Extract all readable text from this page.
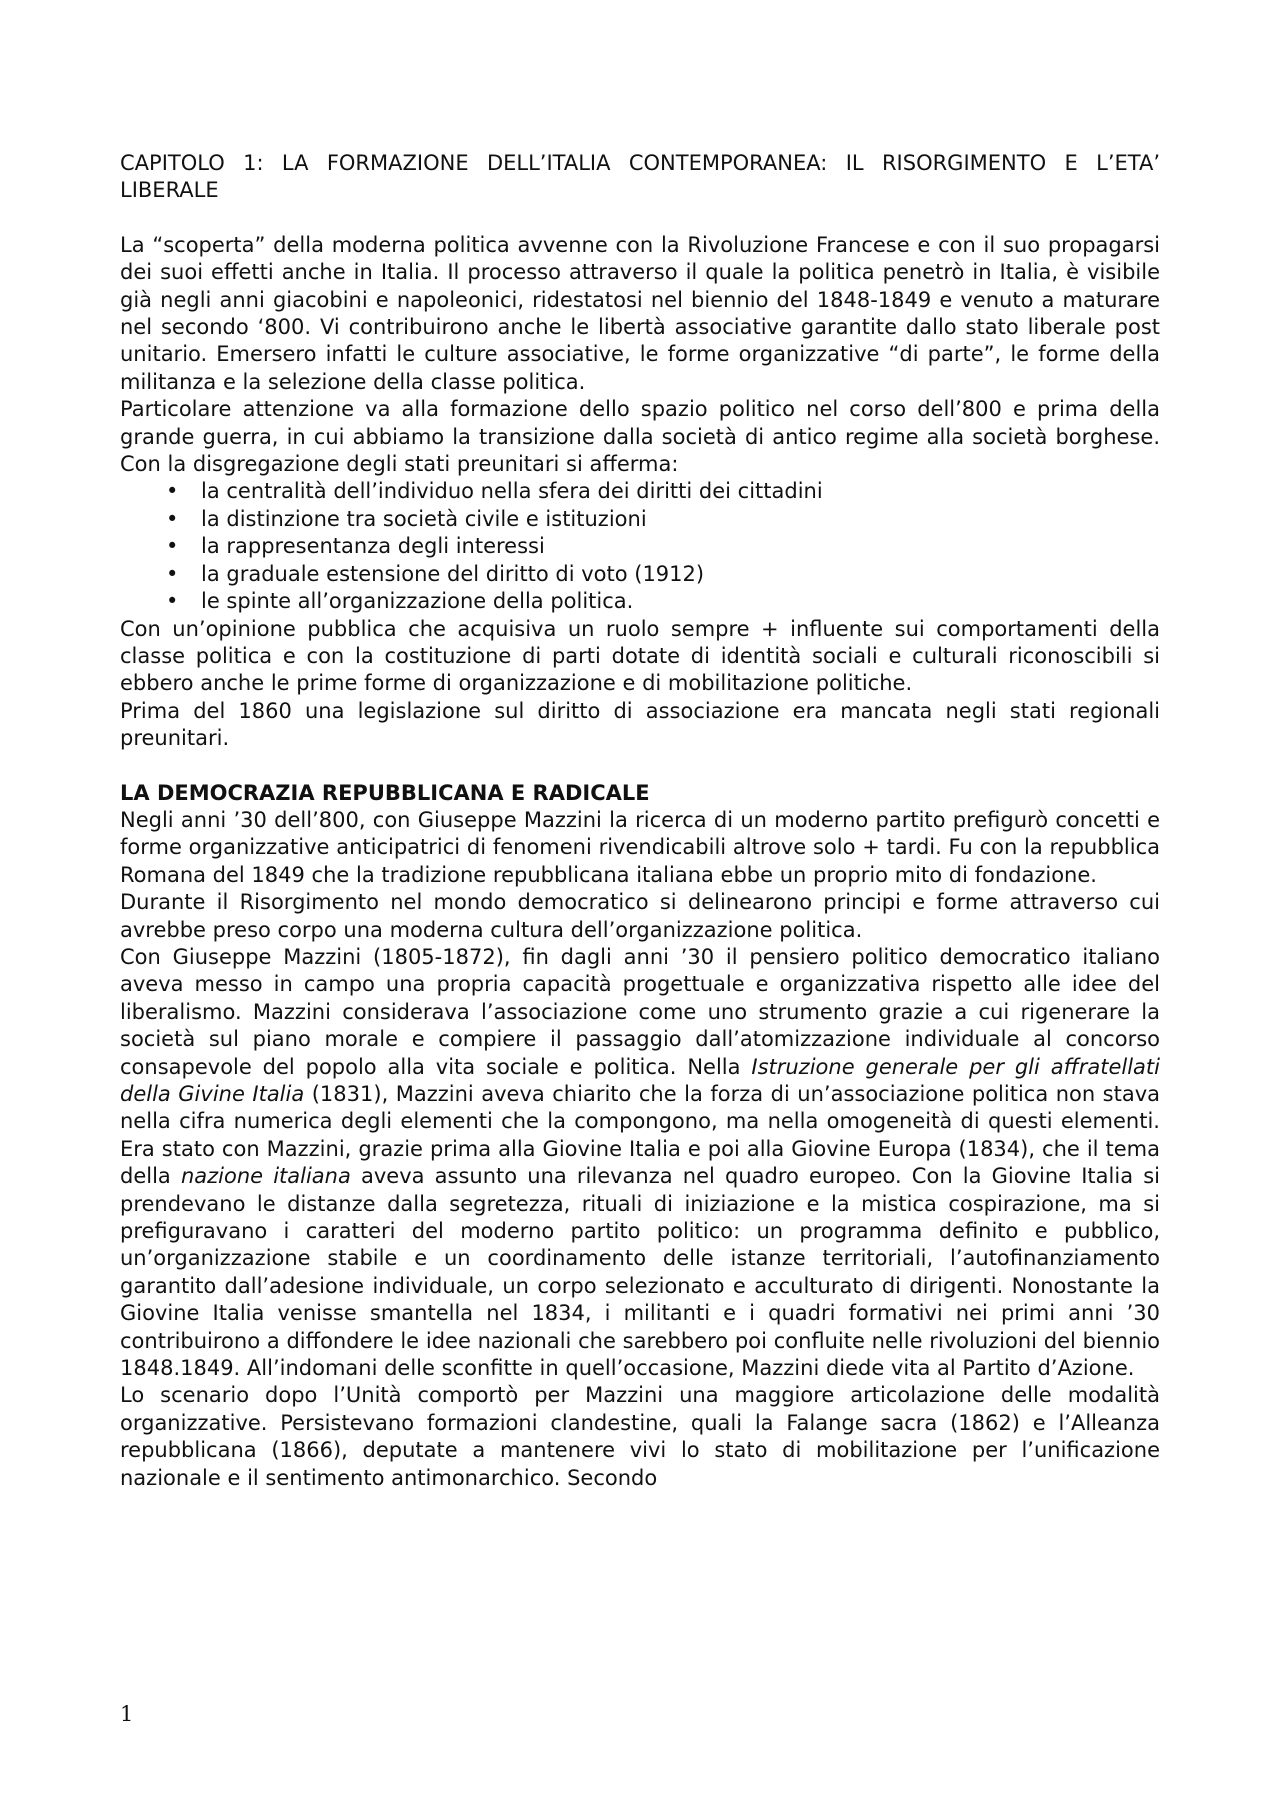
CAPITOLO 1: LA FORMAZIONE DELL’ITALIA CONTEMPORANEA: IL RISORGIMENTO E L’ETA’ LIBERALE

La “scoperta” della moderna politica avvenne con la Rivoluzione Francese e con il suo propagarsi dei suoi effetti anche in Italia. Il processo attraverso il quale la politica penetrò in Italia, è visibile già negli anni giacobini e napoleonici, ridestatosi nel biennio del 1848-1849 e venuto a maturare nel secondo ‘800. Vi contribuirono anche le libertà associative garantite dallo stato liberale post unitario. Emersero infatti le culture associative, le forme organizzative “di parte”, le forme della militanza e la selezione della classe politica.

Particolare attenzione va alla formazione dello spazio politico nel corso dell’800 e prima della grande guerra, in cui abbiamo la transizione dalla società di antico regime alla società borghese. Con la disgregazione degli stati preunitari si afferma:

• la centralità dell’individuo nella sfera dei diritti dei cittadini
• la distinzione tra società civile e istituzioni
• la rappresentanza degli interessi
• la graduale estensione del diritto di voto (1912)
• le spinte all’organizzazione della politica.

Con un’opinione pubblica che acquisiva un ruolo sempre + influente sui comportamenti della classe politica e con la costituzione di parti dotate di identità sociali e culturali riconoscibili si ebbero anche le prime forme di organizzazione e di mobilitazione politiche.

Prima del 1860 una legislazione sul diritto di associazione era mancata negli stati regionali preunitari.

LA DEMOCRAZIA REPUBBLICANA E RADICALE

Negli anni ’30 dell’800, con Giuseppe Mazzini la ricerca di un moderno partito prefigurò concetti e forme organizzative anticipatrici di fenomeni rivendicabili altrove solo + tardi. Fu con la repubblica Romana del 1849 che la tradizione repubblicana italiana ebbe un proprio mito di fondazione.

Durante il Risorgimento nel mondo democratico si delinearono principi e forme attraverso cui avrebbe preso corpo una moderna cultura dell’organizzazione politica.

Con Giuseppe Mazzini (1805-1872), fin dagli anni ’30 il pensiero politico democratico italiano aveva messo in campo una propria capacità progettuale e organizzativa rispetto alle idee del liberalismo. Mazzini considerava l’associazione come uno strumento grazie a cui rigenerare la società sul piano morale e compiere il passaggio dall’atomizzazione individuale al concorso consapevole del popolo alla vita sociale e politica. Nella Istruzione generale per gli affratellati della Givine Italia (1831), Mazzini aveva chiarito che la forza di un’associazione politica non stava nella cifra numerica degli elementi che la compongono, ma nella omogeneità di questi elementi. Era stato con Mazzini, grazie prima alla Giovine Italia e poi alla Giovine Europa (1834), che il tema della nazione italiana aveva assunto una rilevanza nel quadro europeo. Con la Giovine Italia si prendevano le distanze dalla segretezza, rituali di iniziazione e la mistica cospirazione, ma si prefiguravano i caratteri del moderno partito politico: un programma definito e pubblico, un’organizzazione stabile e un coordinamento delle istanze territoriali, l’autofinanziamento garantito dall’adesione individuale, un corpo selezionato e acculturato di dirigenti. Nonostante la Giovine Italia venisse smantella nel 1834, i militanti e i quadri formativi nei primi anni ’30 contribuirono a diffondere le idee nazionali che sarebbero poi confluite nelle rivoluzioni del biennio 1848.1849. All’indomani delle sconfitte in quell’occasione, Mazzini diede vita al Partito d’Azione.

Lo scenario dopo l’Unità comportò per Mazzini una maggiore articolazione delle modalità organizzative. Persistevano formazioni clandestine, quali la Falange sacra (1862) e l’Alleanza repubblicana (1866), deputate a mantenere vivi lo stato di mobilitazione per l’unificazione nazionale e il sentimento antimonarchico. Secondo

1
